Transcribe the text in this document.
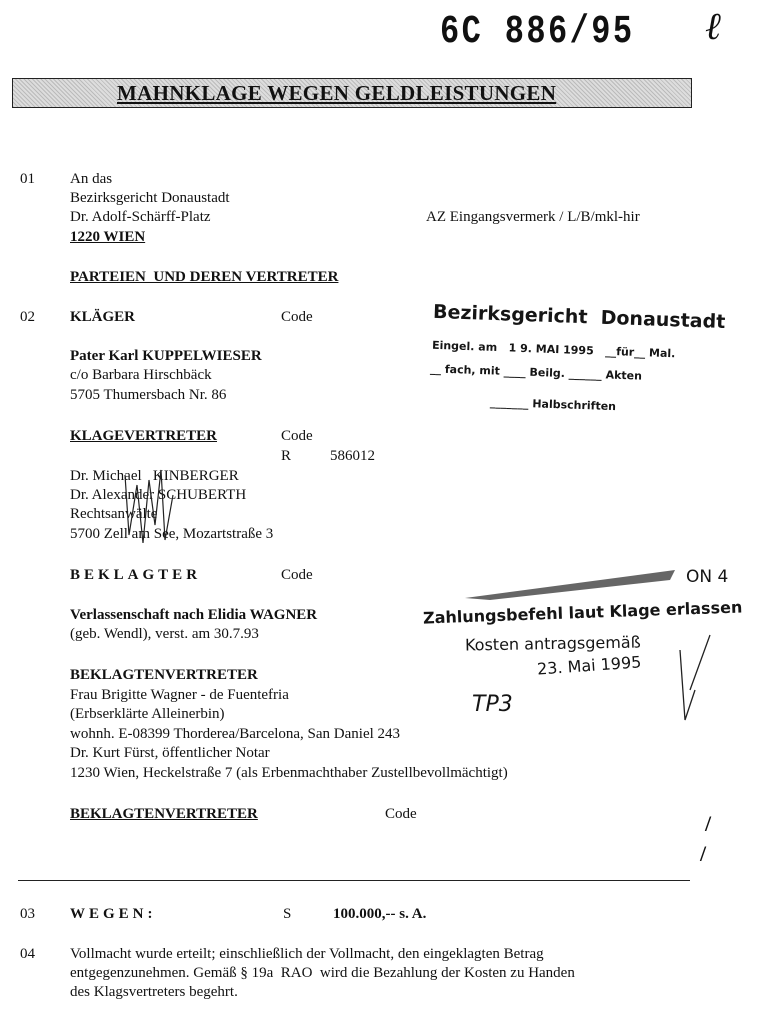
6C 886/95 ℓ
MAHNKLAGE WEGEN GELDLEISTUNGEN
01 An das
Bezirksgericht Donaustadt
Dr. Adolf-Schärff-Platz
1220 WIEN
AZ Eingangsvermerk / L/B/mkl-hir
PARTEIEN  UND DEREN VERTRETER
02 KLÄGER	Code
Pater Karl KUPPELWIESER
c/o Barbara Hirschbäck
5705 Thumersbach Nr. 86
KLAGEVERTRETER	Code
R	586012
Dr. Michael   KINBERGER
Dr. Alexander SCHUBERTH
Rechtsanwälte
5700 Zell am See, Mozartstraße 3
BEKLAGTER	Code
Verlassenschaft nach Elidia WAGNER
(geb. Wendl), verst. am 30.7.93
BEKLAGTENVERTRETER
Frau Brigitte Wagner - de Fuentefria
(Erbserklärte Alleinerbin)
wohnh. E-08399 Thorderea/Barcelona, San Daniel 243
Dr. Kurt Fürst, öffentlicher Notar
1230 Wien, Heckelstraße 7 (als Erbenmachthaber Zustellbevollmächtigt)
BEKLAGTENVERTRETER	Code	/
/
03 WEGEN:	S	100.000,-- s. A.
04 Vollmacht wurde erteilt; einschließlich der Vollmacht, den eingeklagten Betrag
entgegenzunehmen. Gemäß § 19a  RAO  wird die Bezahlung der Kosten zu Handen
des Klagsvertreters begehrt.
Bezirksgericht  Donaustadt
Eingel. am   1 9. MAI 1995   __für__ Mal.
__ fach, mit ____ Beilg. ______ Akten
_______ Halbschriften
ON 4
Zahlungsbefehl laut Klage erlassen
Kosten antragsgemäß
23. Mai 1995
TP3
